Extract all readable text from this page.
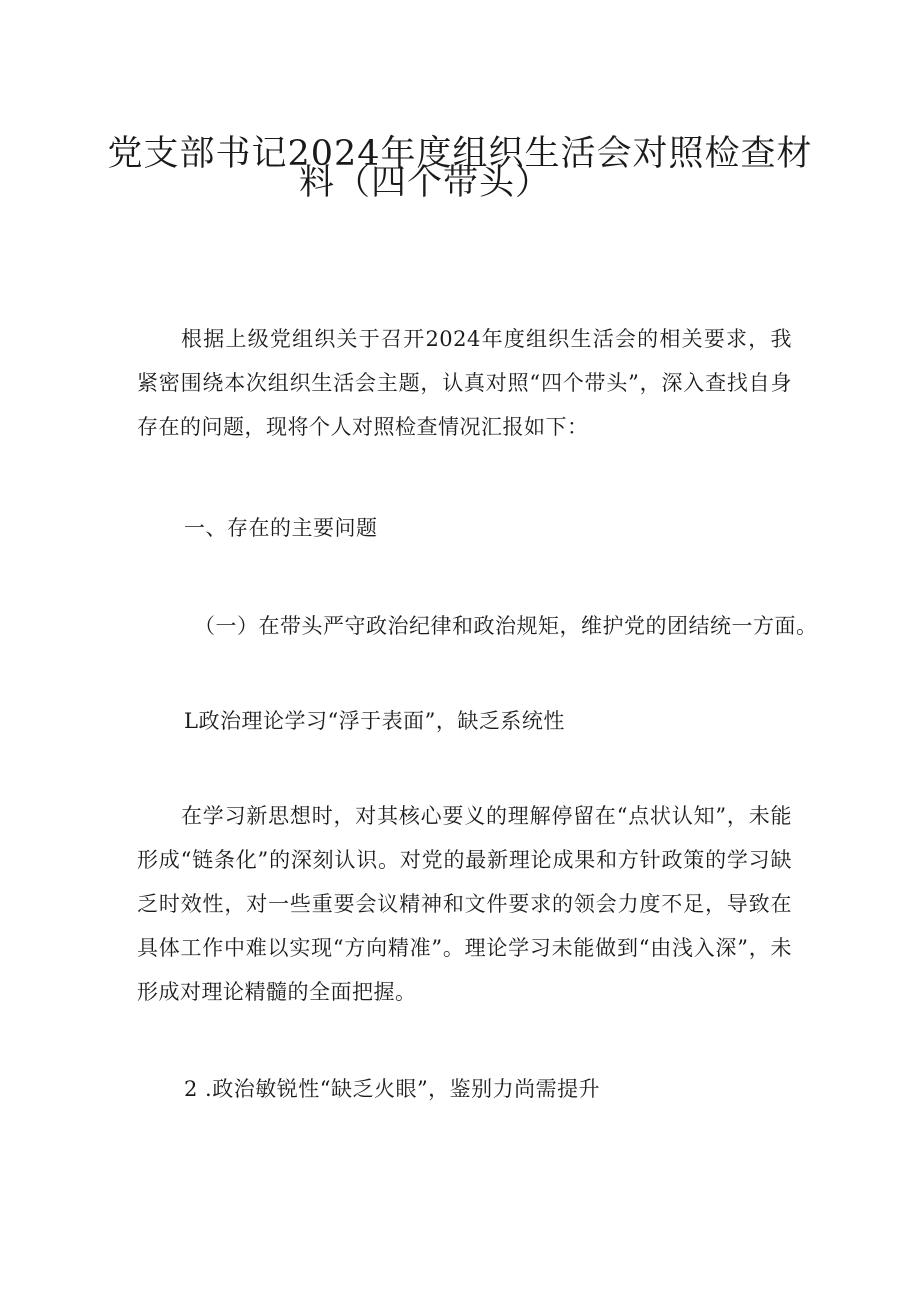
党支部书记2024年度组织生活会对照检查材
料（四个带头）
根据上级党组织关于召开2024年度组织生活会的相关要求，我紧密围绕本次组织生活会主题，认真对照“四个带头”，深入查找自身存在的问题，现将个人对照检查情况汇报如下：
一、存在的主要问题
（一）在带头严守政治纪律和政治规矩，维护党的团结统一方面。
L政治理论学习“浮于表面”，缺乏系统性
在学习新思想时，对其核心要义的理解停留在“点状认知”，未能形成“链条化”的深刻认识。对党的最新理论成果和方针政策的学习缺乏时效性，对一些重要会议精神和文件要求的领会力度不足，导致在具体工作中难以实现“方向精准”。理论学习未能做到“由浅入深”，未形成对理论精髓的全面把握。
2 .政治敏锐性“缺乏火眼”，鉴别力尚需提升
